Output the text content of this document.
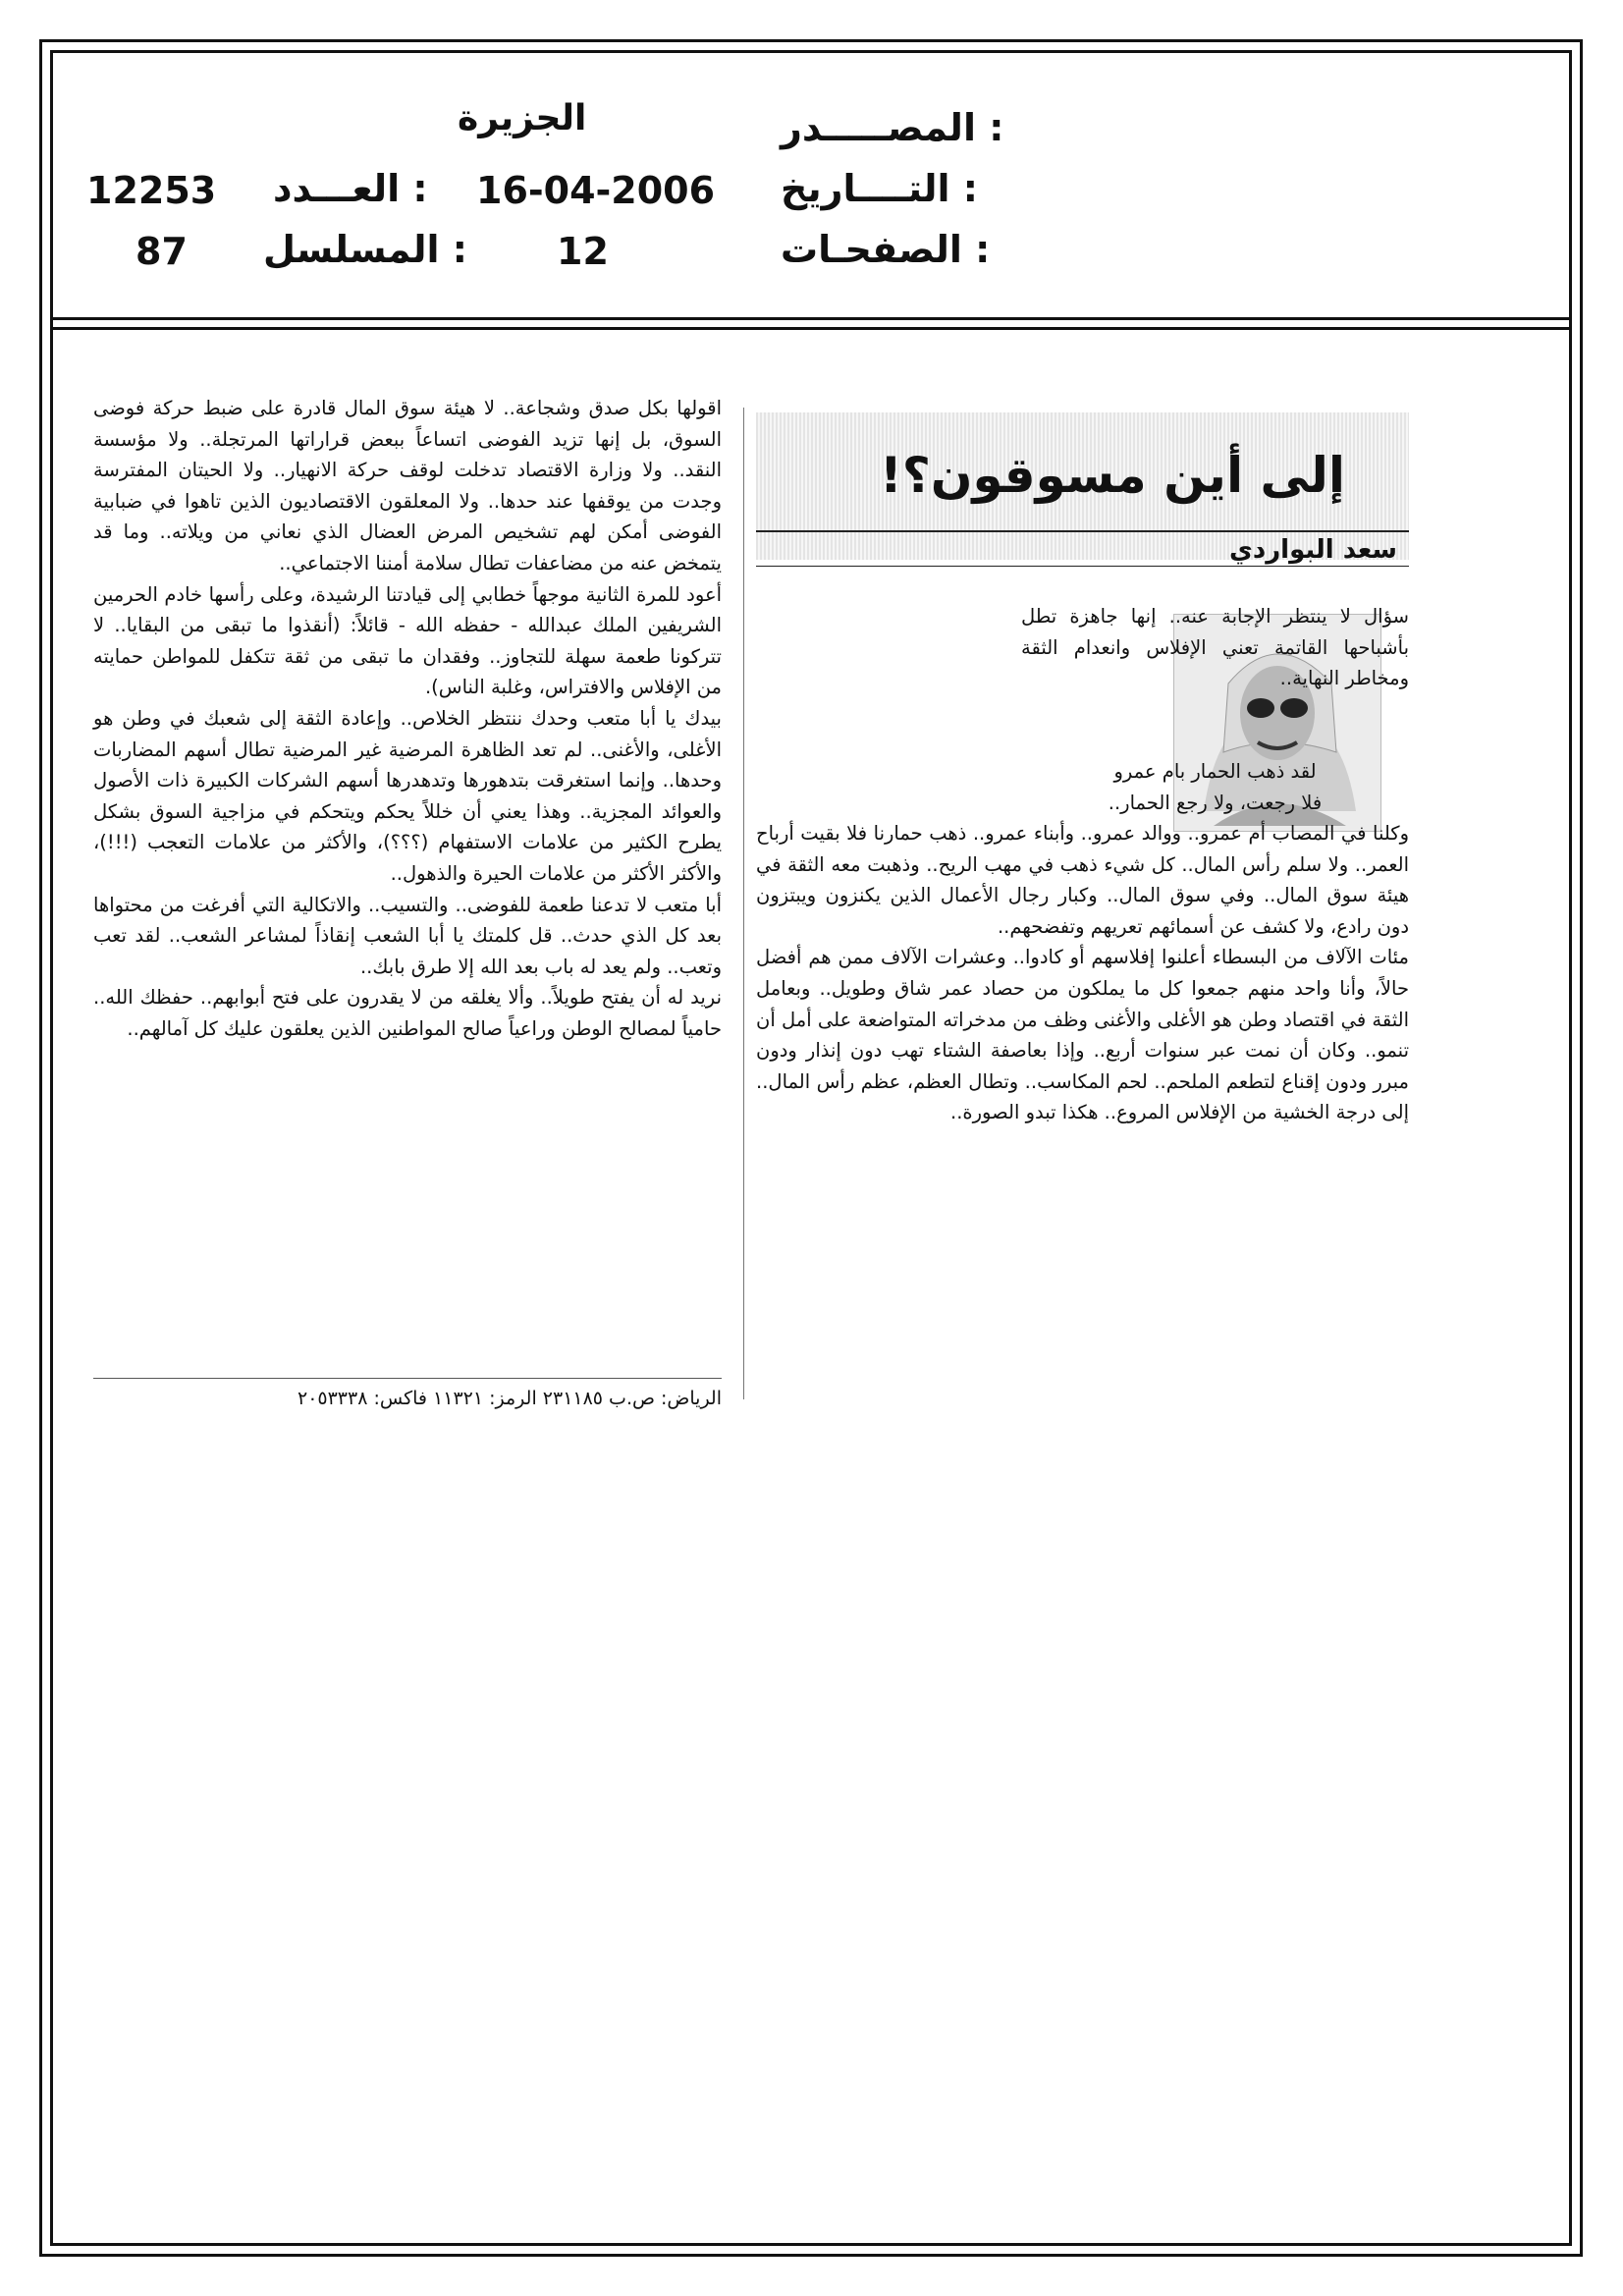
المصـــــدر :
الجزيرة
التــــاريخ :
16-04-2006
العـــدد :
12253
الصفحـات :
12
المسلسل :
87
إلى أين مسوقون؟!
سعد البواردي

سؤال لا ينتظر الإجابة عنه.. إنها جاهزة تطل بأشباحها القاتمة تعني الإفلاس وانعدام الثقة ومخاطر النهاية..

لقد ذهب الحمار بام عمرو

فلا رجعت، ولا رجع الحمار..

وكلنا في المصاب أم عمرو.. ووالد عمرو.. وأبناء عمرو.. ذهب حمارنا فلا بقيت أرباح العمر.. ولا سلم رأس المال.. كل شيء ذهب في مهب الريح.. وذهبت معه الثقة في هيئة سوق المال.. وفي سوق المال.. وكبار رجال الأعمال الذين يكنزون ويبتزون دون رادع، ولا كشف عن أسمائهم تعريهم وتفضحهم..

مئات الآلاف من البسطاء أعلنوا إفلاسهم أو كادوا.. وعشرات الآلاف ممن هم أفضل حالاً، وأنا واحد منهم جمعوا كل ما يملكون من حصاد عمر شاق وطويل.. وبعامل الثقة في اقتصاد وطن هو الأغلى والأغنى وظف من مدخراته المتواضعة على أمل أن تنمو.. وكان أن نمت عبر سنوات أربع.. وإذا بعاصفة الشتاء تهب دون إنذار ودون مبرر ودون إقناع لتطعم الملحم.. لحم المكاسب.. وتطال العظم، عظم رأس المال.. إلى درجة الخشية من الإفلاس المروع.. هكذا تبدو الصورة..

اقولها بكل صدق وشجاعة.. لا هيئة سوق المال قادرة على ضبط حركة فوضى السوق، بل إنها تزيد الفوضى اتساعاً ببعض قراراتها المرتجلة.. ولا مؤسسة النقد.. ولا وزارة الاقتصاد تدخلت لوقف حركة الانهيار.. ولا الحيتان المفترسة وجدت من يوقفها عند حدها.. ولا المعلقون الاقتصاديون الذين تاهوا في ضبابية الفوضى أمكن لهم تشخيص المرض العضال الذي نعاني من ويلاته.. وما قد يتمخض عنه من مضاعفات تطال سلامة أمننا الاجتماعي..

أعود للمرة الثانية موجهاً خطابي إلى قيادتنا الرشيدة، وعلى رأسها خادم الحرمين الشريفين الملك عبدالله - حفظه الله - قائلاً: (أنقذوا ما تبقى من البقايا.. لا تتركونا طعمة سهلة للتجاوز.. وفقدان ما تبقى من ثقة تتكفل للمواطن حمايته من الإفلاس والافتراس، وغلبة الناس).

بيدك يا أبا متعب وحدك ننتظر الخلاص.. وإعادة الثقة إلى شعبك في وطن هو الأغلى، والأغنى.. لم تعد الظاهرة المرضية غير المرضية تطال أسهم المضاربات وحدها.. وإنما استغرقت بتدهورها وتدهدرها أسهم الشركات الكبيرة ذات الأصول والعوائد المجزية.. وهذا يعني أن خللاً يحكم ويتحكم في مزاجية السوق بشكل يطرح الكثير من علامات الاستفهام (؟؟؟)، والأكثر من علامات التعجب (!!!)، والأكثر الأكثر من علامات الحيرة والذهول..

أبا متعب لا تدعنا طعمة للفوضى.. والتسيب.. والاتكالية التي أفرغت من محتواها بعد كل الذي حدث.. قل كلمتك يا أبا الشعب إنقاذاً لمشاعر الشعب.. لقد تعب وتعب.. ولم يعد له باب بعد الله إلا طرق بابك..

نريد له أن يفتح طويلاً.. وألا يغلقه من لا يقدرون على فتح أبوابهم.. حفظك الله.. حامياً لمصالح الوطن وراعياً صالح المواطنين الذين يعلقون عليك كل آمالهم..

الرياض: ص.ب ٢٣١١٨٥ الرمز: ١١٣٢١ فاكس: ٢٠٥٣٣٣٨
